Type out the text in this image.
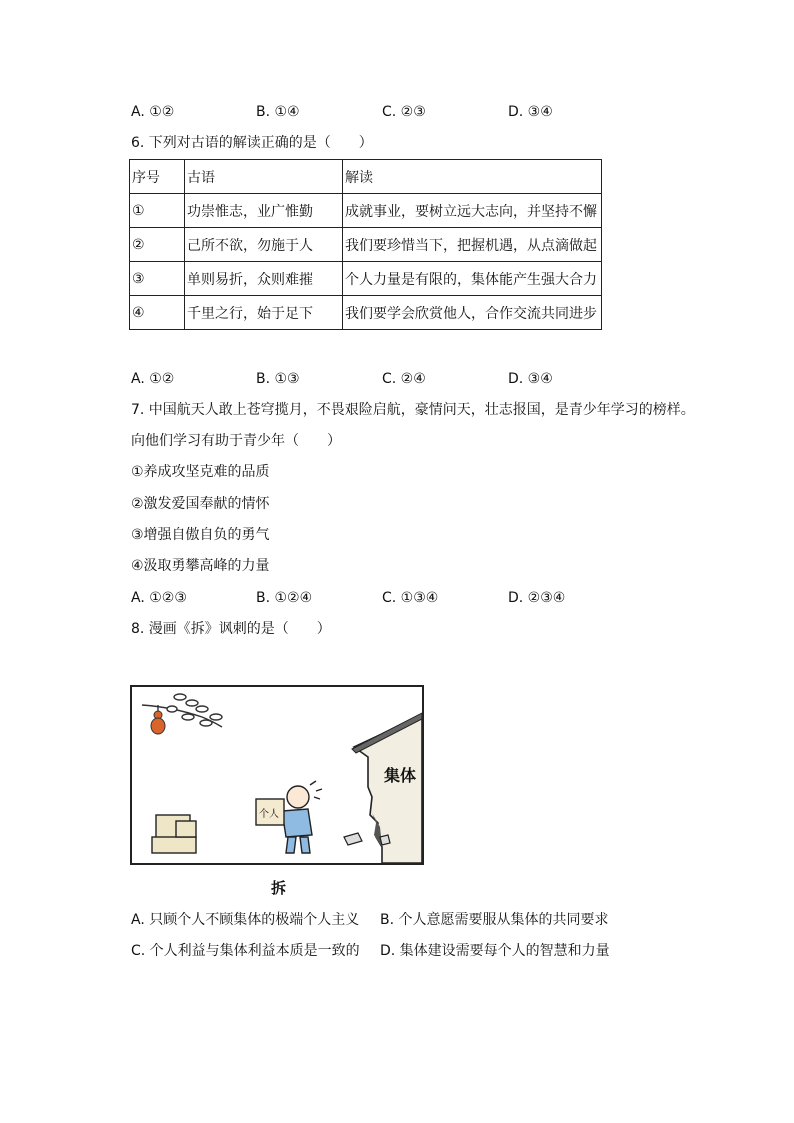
A. ①②	B. ①④	C. ②③	D. ③④
6. 下列对古语的解读正确的是（　　）
序号	古语	解读
①	功崇惟志，业广惟勤	成就事业，要树立远大志向，并坚持不懈
②	己所不欲，勿施于人	我们要珍惜当下，把握机遇，从点滴做起
③	单则易折，众则难摧	个人力量是有限的，集体能产生强大合力
④	千里之行，始于足下	我们要学会欣赏他人，合作交流共同进步
A. ①②	B. ①③	C. ②④	D. ③④
7. 中国航天人敢上苍穹揽月，不畏艰险启航，豪情问天，壮志报国，是青少年学习的榜样。
向他们学习有助于青少年（　　）
①养成攻坚克难的品质
②激发爱国奉献的情怀
③增强自傲自负的勇气
④汲取勇攀高峰的力量
A. ①②③	B. ①②④	C. ①③④	D. ②③④
8. 漫画《拆》讽刺的是（　　）
集体
个人
拆
A. 只顾个人不顾集体的极端个人主义 B. 个人意愿需要服从集体的共同要求
C. 个人利益与集体利益本质是一致的 D. 集体建设需要每个人的智慧和力量
